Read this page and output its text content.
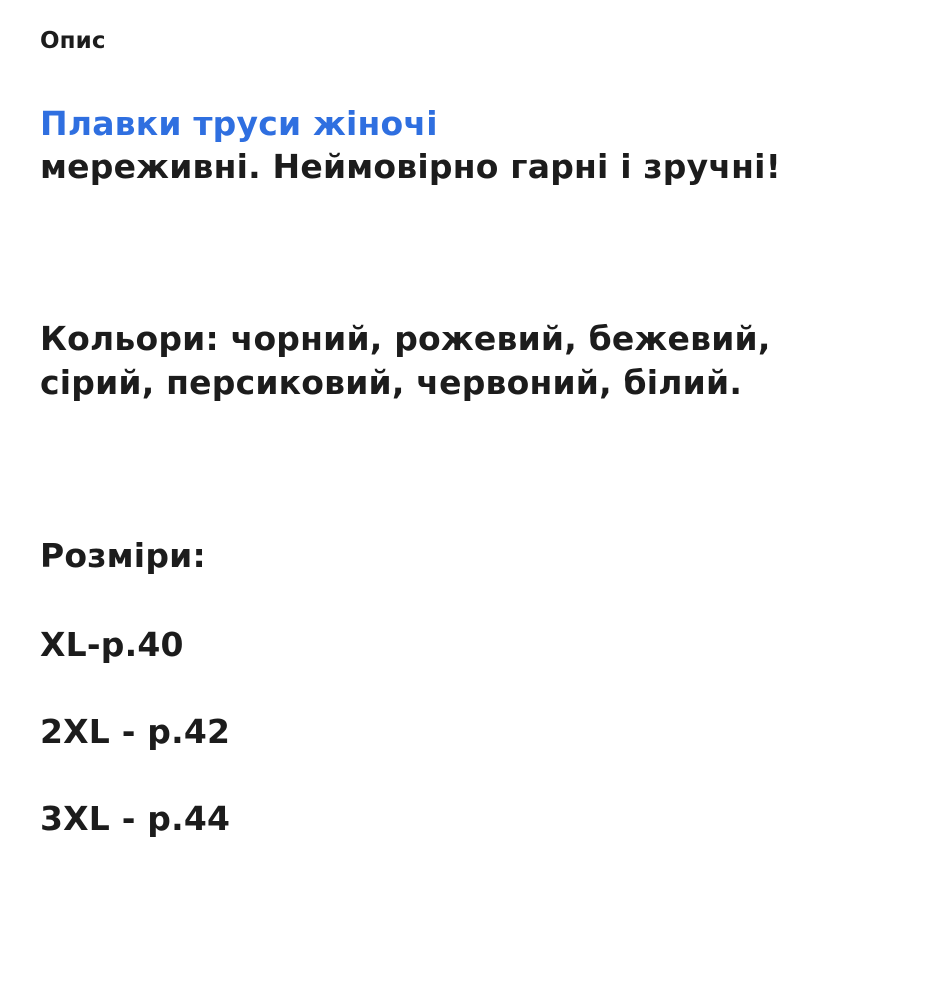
Опис
Плавки труси жіночі
мереживні. Неймовірно гарні і зручні!
Кольори: чорний, рожевий, бежевий,
сірий, персиковий, червоний, білий.
Розміри:
XL-р.40
2XL - р.42
3XL - р.44
